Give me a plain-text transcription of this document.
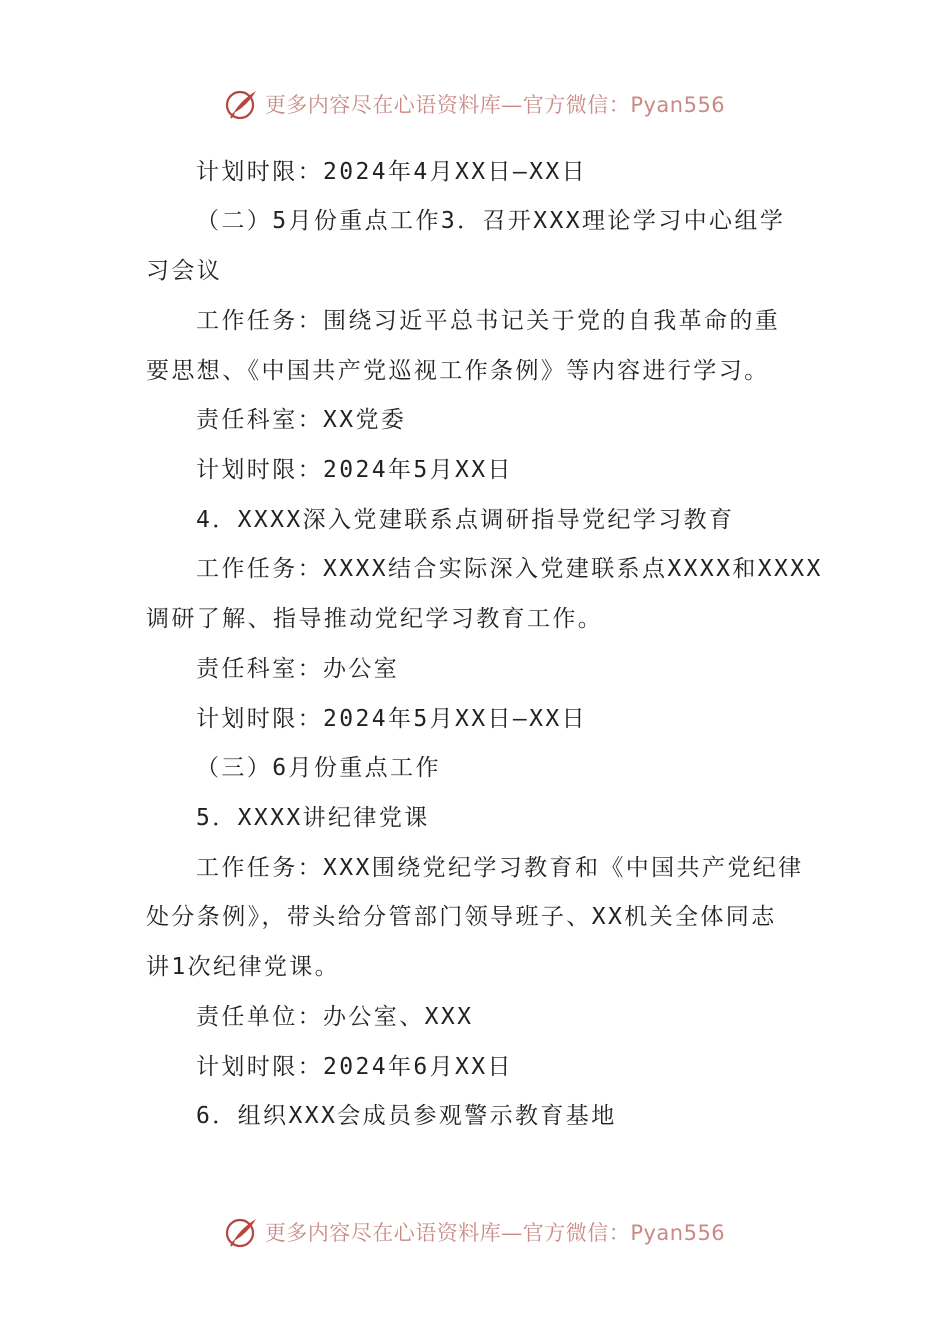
更多内容尽在心语资料库—官方微信：Pyan556
计划时限：2024年4月XX日—XX日
（二）5月份重点工作3．召开XXX理论学习中心组学
习会议
工作任务：围绕习近平总书记关于党的自我革命的重
要思想、《中国共产党巡视工作条例》等内容进行学习。
责任科室：XX党委
计划时限：2024年5月XX日
4．XXXX深入党建联系点调研指导党纪学习教育
工作任务：XXXX结合实际深入党建联系点XXXX和XXXX
调研了解、指导推动党纪学习教育工作。
责任科室：办公室
计划时限：2024年5月XX日—XX日
（三）6月份重点工作
5．XXXX讲纪律党课
工作任务：XXX围绕党纪学习教育和《中国共产党纪律
处分条例》，带头给分管部门领导班子、XX机关全体同志
讲1次纪律党课。
责任单位：办公室、XXX
计划时限：2024年6月XX日
6．组织XXX会成员参观警示教育基地
更多内容尽在心语资料库—官方微信：Pyan556
